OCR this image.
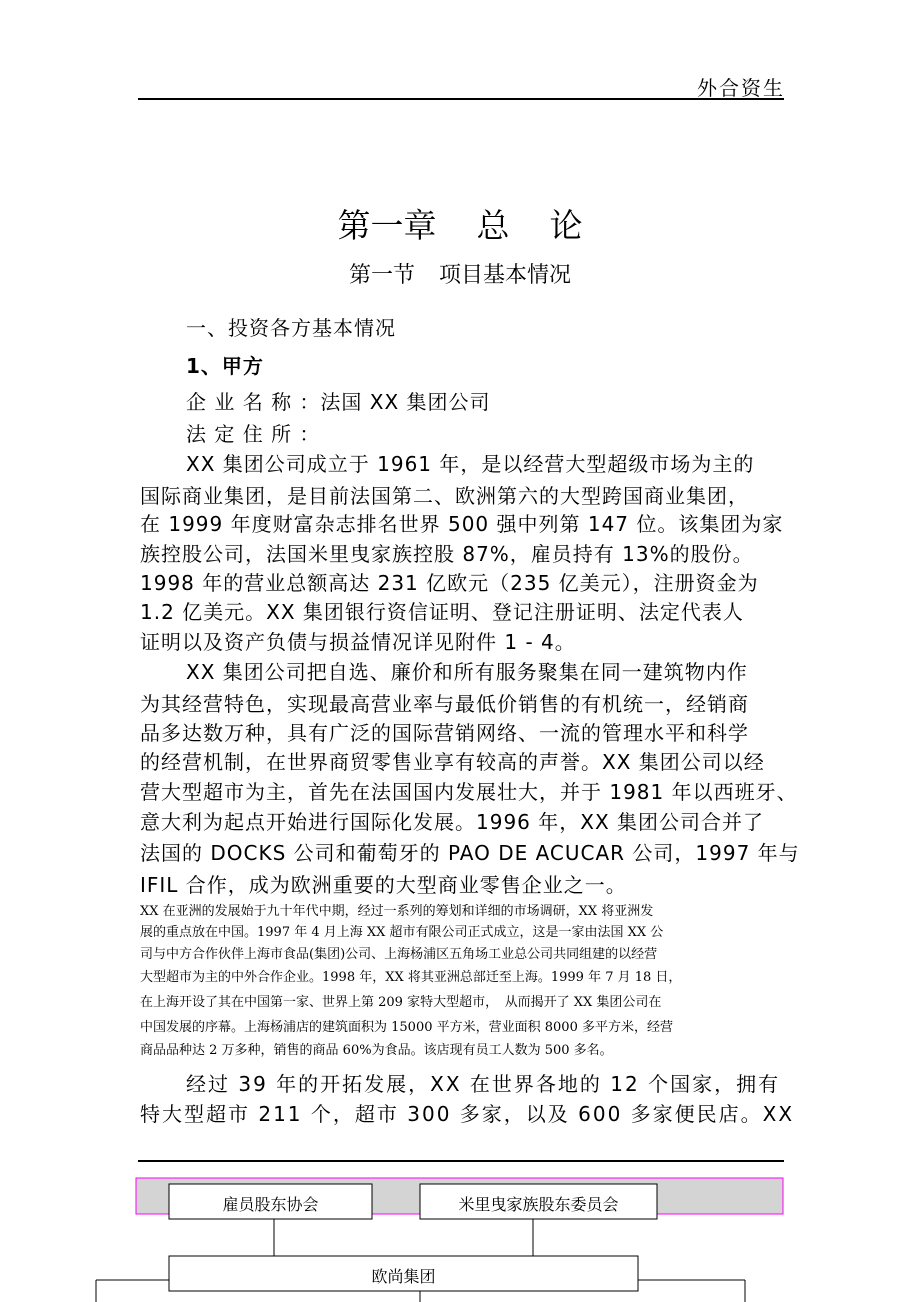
外合资生
第一章 总 论
第一节 项目基本情况
一、投资各方基本情况
1、甲方
企 业 名 称 ：法国 XX 集团公司
法 定 住 所 ：
XX 集团公司成立于 1961 年，是以经营大型超级市场为主的
国际商业集团，是目前法国第二、欧洲第六的大型跨国商业集团，
在 1999 年度财富杂志排名世界 500 强中列第 147 位。该集团为家
族控股公司，法国米里曳家族控股 87%，雇员持有 13%的股份。
1998 年的营业总额高达 231 亿欧元（235 亿美元），注册资金为
1.2 亿美元。XX 集团银行资信证明、登记注册证明、法定代表人
证明以及资产负债与损益情况详见附件 1 - 4。
XX 集团公司把自选、廉价和所有服务聚集在同一建筑物内作
为其经营特色，实现最高营业率与最低价销售的有机统一，经销商
品多达数万种，具有广泛的国际营销网络、一流的管理水平和科学
的经营机制，在世界商贸零售业享有较高的声誉。XX 集团公司以经
营大型超市为主，首先在法国国内发展壮大，并于 1981 年以西班牙、
意大利为起点开始进行国际化发展。1996 年，XX 集团公司合并了
法国的 DOCKS 公司和葡萄牙的 PAO DE ACUCAR 公司，1997 年与
IFIL 合作，成为欧洲重要的大型商业零售企业之一。
XX 在亚洲的发展始于九十年代中期，经过一系列的筹划和详细的市场调研，XX 将亚洲发
展的重点放在中国。1997 年 4 月上海 XX 超市有限公司正式成立，这是一家由法国 XX 公
司与中方合作伙伴上海市食品(集团)公司、上海杨浦区五角场工业总公司共同组建的以经营
大型超市为主的中外合作企业。1998 年，XX 将其亚洲总部迁至上海。1999 年 7 月 18 日，
在上海开设了其在中国第一家、世界上第 209 家特大型超市，　从而揭开了 XX 集团公司在
中国发展的序幕。上海杨浦店的建筑面积为 15000 平方米，营业面积 8000 多平方米，经营
商品品种达 2 万多种，销售的商品 60%为食品。该店现有员工人数为 500 多名。
经过 39 年的开拓发展，XX 在世界各地的 12 个国家，拥有
特大型超市 211 个，超市 300 多家，以及 600 多家便民店。XX
雇员股东协会	米里曳家族股东委员会
欧尚集团
